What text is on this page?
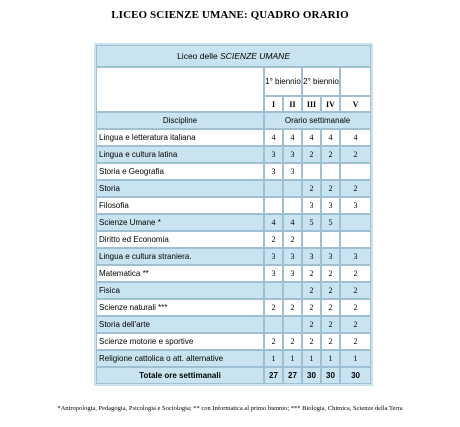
LICEO SCIENZE UMANE: QUADRO ORARIO
Liceo delle SCIENZE UMANE					
	1° biennio		2° biennio		
	I	II	III	IV	V
Discipline	Orario settimanale				
Lingua e letteratura italiana	4	4	4	4	4
Lingua e cultura latina	3	3	2	2	2
Storia e Geografia	3	3			
Storia			2	2	2
Filosofia			3	3	3
Scienze Umane *	4	4	5	5	
Diritto ed Economia	2	2			
Lingua e cultura straniera.	3	3	3	3	3
Matematica **	3	3	2	2	2
Fisica			2	2	2
Scienze naturali ***	2	2	2	2	2
Storia dell'arte			2	2	2
Scienze motorie e sportive	2	2	2	2	2
Religione cattolica o att. alternative	1	1	1	1	1
Totale ore settimanali	27	27	30	30	30
*Antropologia, Pedagogia, Psicologia e Sociologia; ** con Informatica al primo biennio; *** Biologia, Chimica, Scienze della Terra
